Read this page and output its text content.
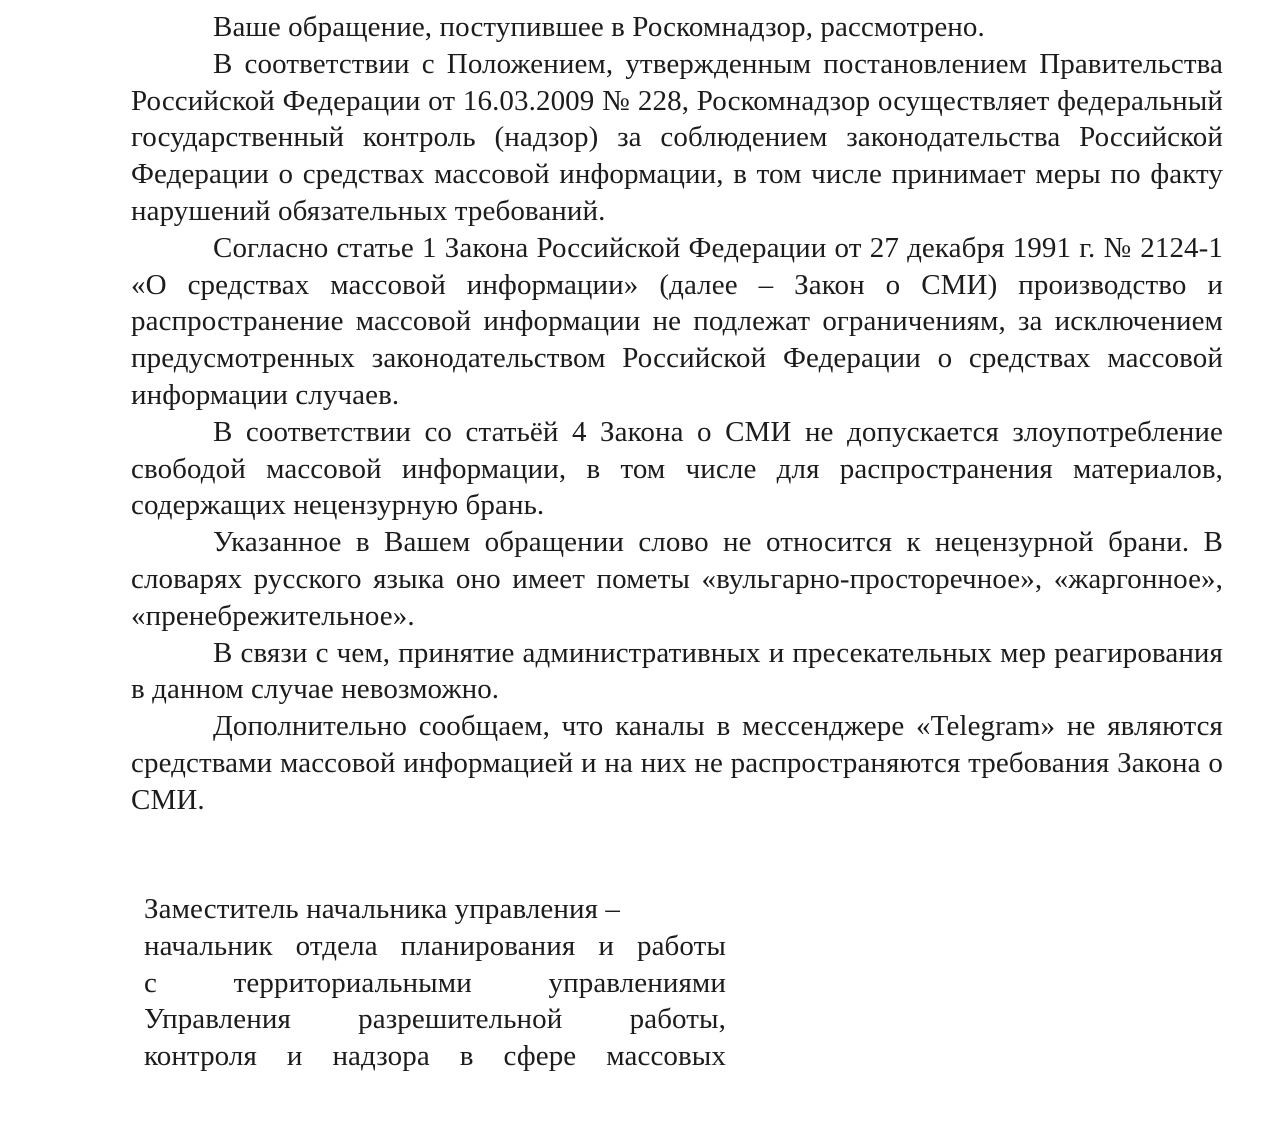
Ваше обращение, поступившее в Роскомнадзор, рассмотрено.

В соответствии с Положением, утвержденным постановлением Правительства Российской Федерации от 16.03.2009 № 228, Роскомнадзор осуществляет федеральный государственный контроль (надзор) за соблюдением законодательства Российской Федерации о средствах массовой информации, в том числе принимает меры по факту нарушений обязательных требований.

Согласно статье 1 Закона Российской Федерации от 27 декабря 1991 г. № 2124-1 «О средствах массовой информации» (далее – Закон о СМИ) производство и распространение массовой информации не подлежат ограничениям, за исключением предусмотренных законодательством Российской Федерации о средствах массовой информации случаев.

В соответствии со статьёй 4 Закона о СМИ не допускается злоупотребление свободой массовой информации, в том числе для распространения материалов, содержащих нецензурную брань.

Указанное в Вашем обращении слово не относится к нецензурной брани. В словарях русского языка оно имеет пометы «вульгарно-просторечное», «жаргонное», «пренебрежительное».

В связи с чем, принятие административных и пресекательных мер реагирования в данном случае невозможно.

Дополнительно сообщаем, что каналы в мессенджере «Telegram» не являются средствами массовой информацией и на них не распространяются требования Закона о СМИ.

Заместитель начальника управления –

начальник отдела планирования и работы

с территориальными управлениями

Управления разрешительной работы,

контроля и надзора в сфере массовых
